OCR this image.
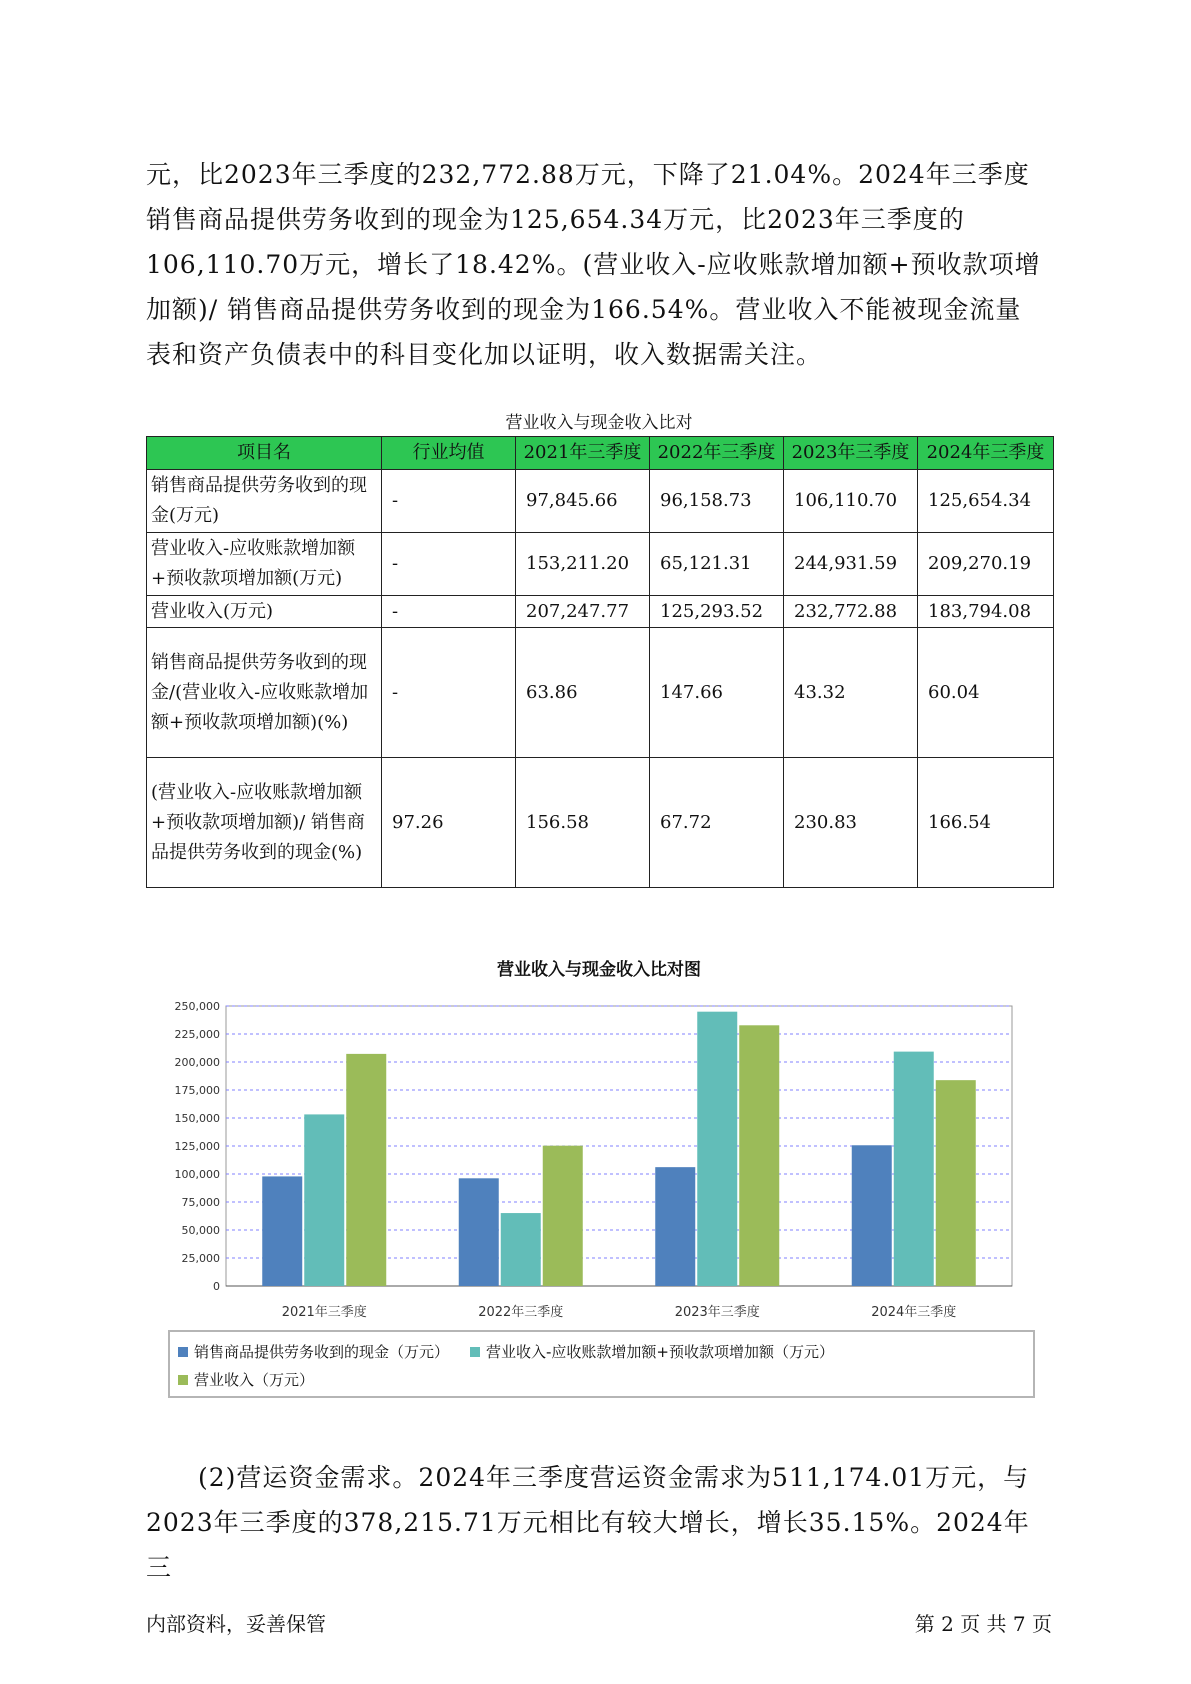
元，比2023年三季度的232,772.88万元，下降了21.04%。2024年三季度销售商品提供劳务收到的现金为125,654.34万元，比2023年三季度的106,110.70万元，增长了18.42%。(营业收入-应收账款增加额+预收款项增加额)/ 销售商品提供劳务收到的现金为166.54%。营业收入不能被现金流量表和资产负债表中的科目变化加以证明，收入数据需关注。

营业收入与现金收入比对
项目名	行业均值	2021年三季度	2022年三季度	2023年三季度	2024年三季度
销售商品提供劳务收到的现金(万元)	-	97,845.66	96,158.73	106,110.70	125,654.34
营业收入-应收账款增加额+预收款项增加额(万元)	-	153,211.20	65,121.31	244,931.59	209,270.19
营业收入(万元)	-	207,247.77	125,293.52	232,772.88	183,794.08
销售商品提供劳务收到的现金/(营业收入-应收账款增加额+预收款项增加额)(%)	-	63.86	147.66	43.32	60.04
(营业收入-应收账款增加额+预收款项增加额)/ 销售商品提供劳务收到的现金(%)	97.26	156.58	67.72	230.83	166.54
营业收入与现金收入比对图
0
25,000
50,000
75,000
100,000
125,000
150,000
175,000
200,000
225,000
250,000
2021年三季度	2022年三季度	2023年三季度	2024年三季度
销售商品提供劳务收到的现金（万元） 营业收入-应收账款增加额+预收款项增加额（万元）
营业收入（万元）

(2)营运资金需求。2024年三季度营运资金需求为511,174.01万元，与2023年三季度的378,215.71万元相比有较大增长，增长35.15%。2024年三

内部资料，妥善保管	第 2 页 共 7 页
